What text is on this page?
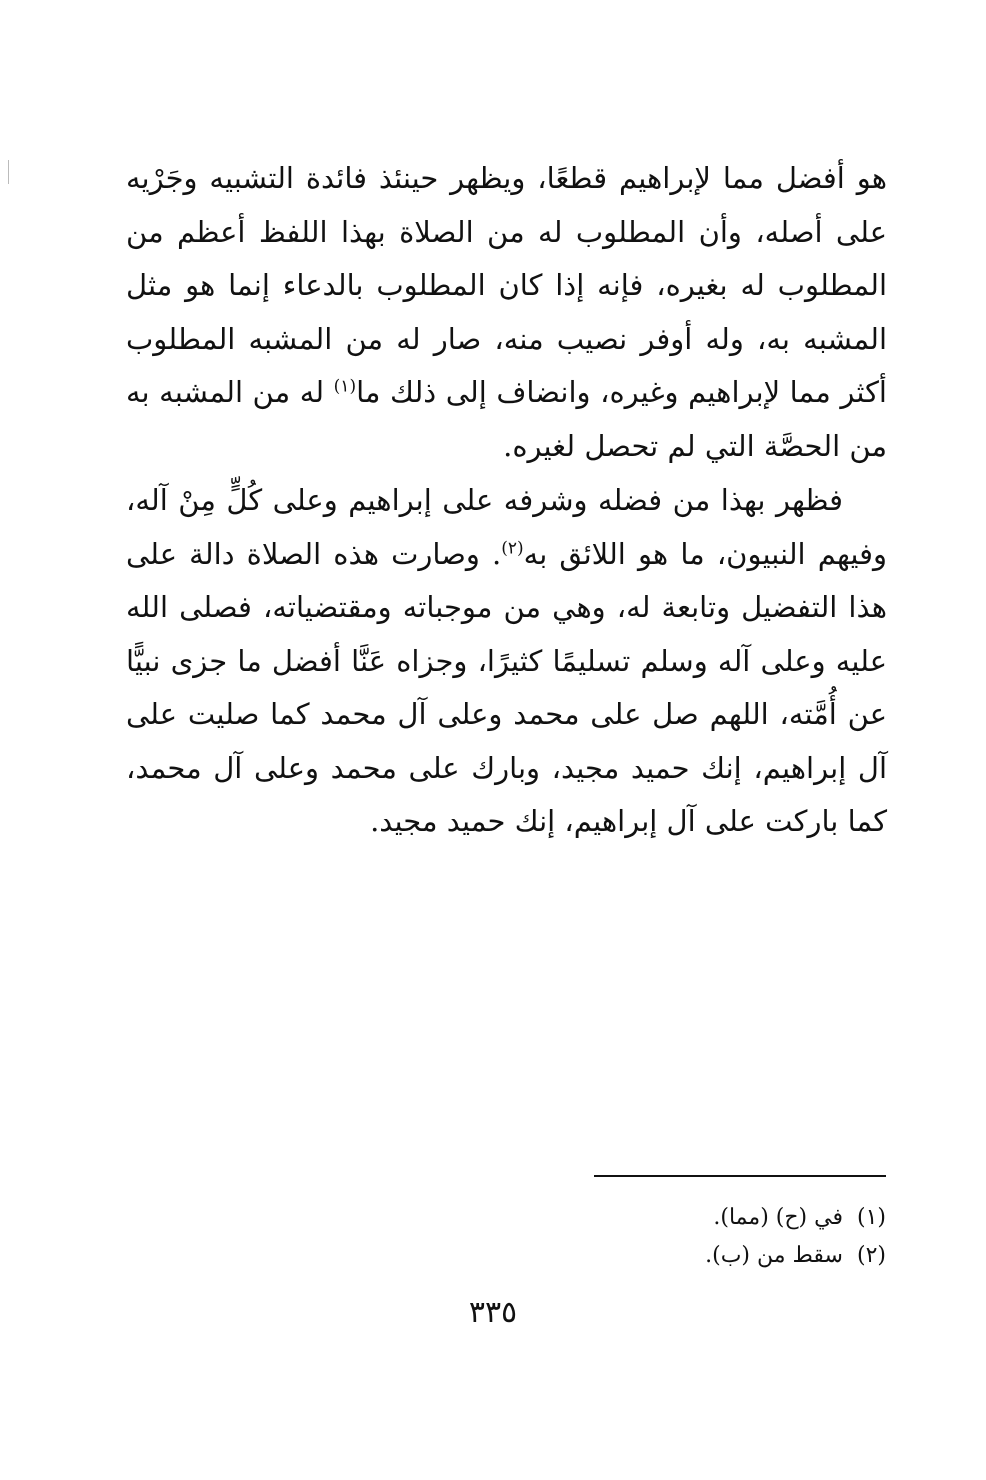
هو أفضل مما لإبراهيم قطعًا، ويظهر حينئذ فائدة التشبيه وجَرْيه على أصله، وأن المطلوب له من الصلاة بهذا اللفظ أعظم من المطلوب له بغيره، فإنه إذا كان المطلوب بالدعاء إنما هو مثل المشبه به، وله أوفر نصيب منه، صار له من المشبه المطلوب أكثر مما لإبراهيم وغيره، وانضاف إلى ذلك ما$^{(١)}$ له من المشبه به من الحصَّة التي لم تحصل لغيره.

فظهر بهذا من فضله وشرفه على إبراهيم وعلى كُلٍّ مِنْ آله، وفيهم النبيون، ما هو اللائق به$^{(٢)}$. وصارت هذه الصلاة دالة على هذا التفضيل وتابعة له، وهي من موجباته ومقتضياته، فصلى الله عليه وعلى آله وسلم تسليمًا كثيرًا، وجزاه عَنَّا أفضل ما جزى نبيًّا عن أُمَّته، اللهم صل على محمد وعلى آل محمد كما صليت على آل إبراهيم، إنك حميد مجيد، وبارك على محمد وعلى آل محمد، كما باركت على آل إبراهيم، إنك حميد مجيد.

(١)في (ح) (مما).
(٢)سقط من (ب).
٣٣٥
